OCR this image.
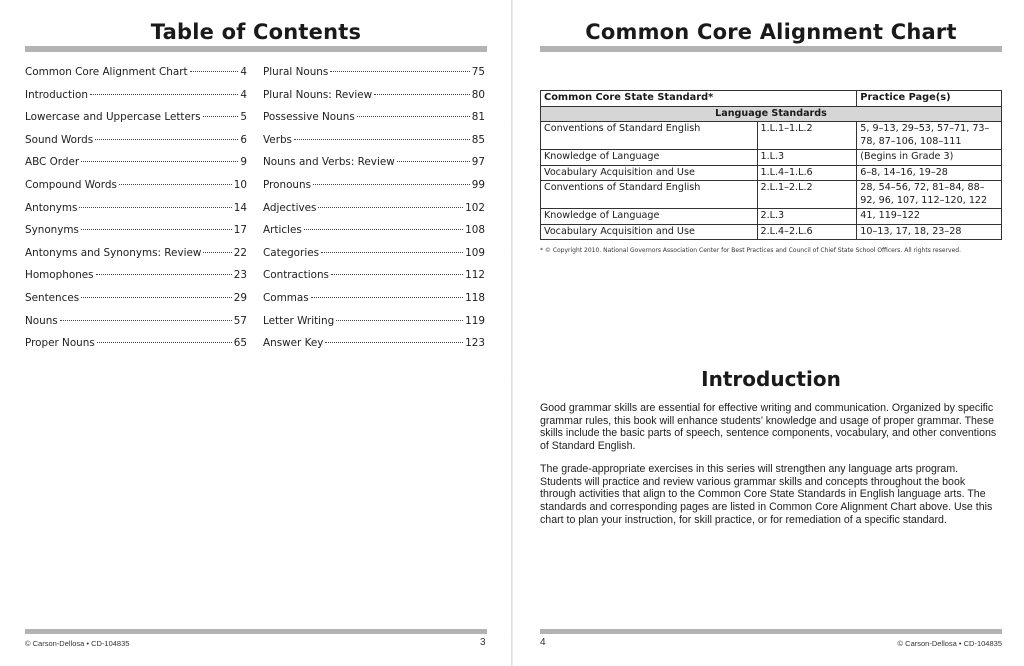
Table of Contents
Common Core Alignment Chart	4
Introduction	4
Lowercase and Uppercase Letters	5
Sound Words	6
ABC Order	9
Compound Words	10
Antonyms	14
Synonyms	17
Antonyms and Synonyms: Review	22
Homophones	23
Sentences	29
Nouns	57
Proper Nouns	65
Plural Nouns	75
Plural Nouns: Review	80
Possessive Nouns	81
Verbs	85
Nouns and Verbs: Review	97
Pronouns	99
Adjectives	102
Articles	108
Categories	109
Contractions	112
Commas	118
Letter Writing	119
Answer Key	123
© Carson-Dellosa • CD-104835	3
Common Core Alignment Chart
Common Core State Standard*		Practice Page(s)
Language Standards		
Conventions of Standard English	1.L.1–1.L.2	5, 9–13, 29–53, 57–71, 73–78, 87–106, 108–111
Knowledge of Language	1.L.3	(Begins in Grade 3)
Vocabulary Acquisition and Use	1.L.4–1.L.6	6–8, 14–16, 19–28
Conventions of Standard English	2.L.1–2.L.2	28, 54–56, 72, 81–84, 88–92, 96, 107, 112–120, 122
Knowledge of Language	2.L.3	41, 119–122
Vocabulary Acquisition and Use	2.L.4–2.L.6	10–13, 17, 18, 23–28
* © Copyright 2010. National Governors Association Center for Best Practices and Council of Chief State School Officers. All rights reserved.
Introduction

Good grammar skills are essential for effective writing and communication. Organized by specific grammar rules, this book will enhance students’ knowledge and usage of proper grammar. These skills include the basic parts of speech, sentence components, vocabulary, and other conventions of Standard English.

The grade-appropriate exercises in this series will strengthen any language arts program. Students will practice and review various grammar skills and concepts throughout the book through activities that align to the Common Core State Standards in English language arts. The standards and corresponding pages are listed in Common Core Alignment Chart above. Use this chart to plan your instruction, for skill practice, or for remediation of a specific standard.

4	© Carson-Dellosa • CD-104835
